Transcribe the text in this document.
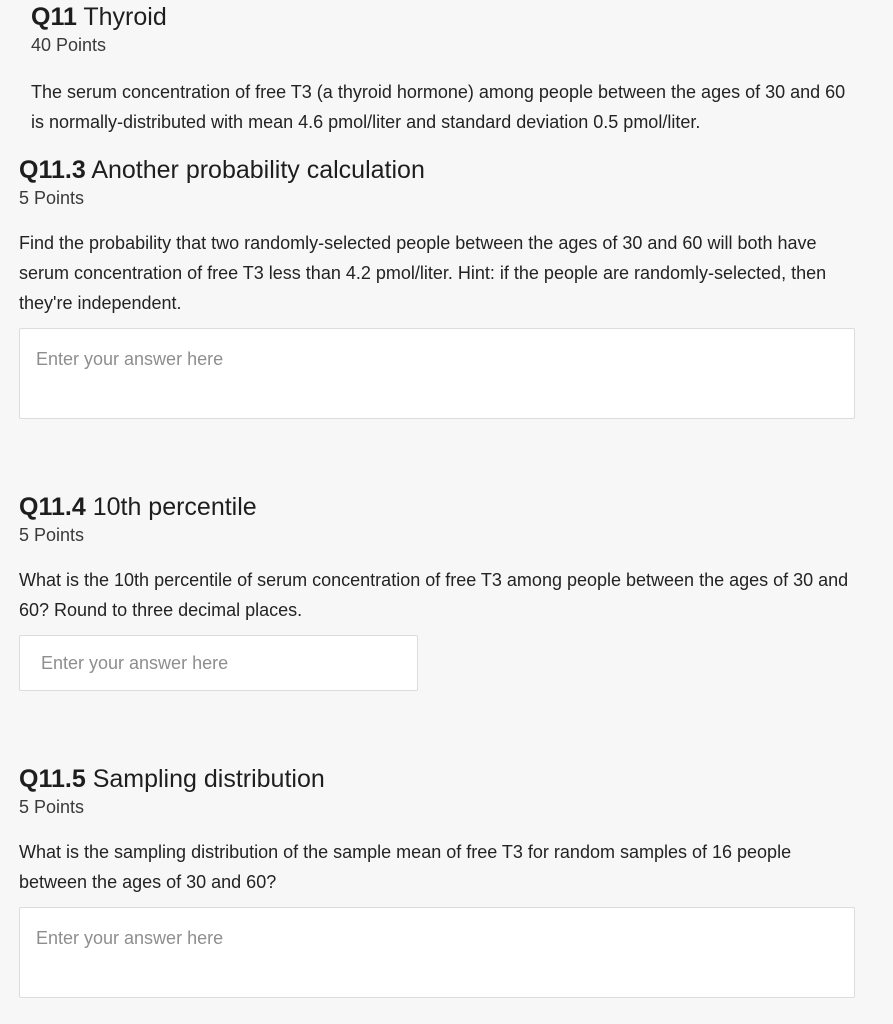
Q11 Thyroid
40 Points
The serum concentration of free T3 (a thyroid hormone) among people between the ages of 30 and 60 is normally-distributed with mean 4.6 pmol/liter and standard deviation 0.5 pmol/liter.
Q11.3 Another probability calculation
5 Points
Find the probability that two randomly-selected people between the ages of 30 and 60 will both have serum concentration of free T3 less than 4.2 pmol/liter. Hint: if the people are randomly-selected, then they're independent.
Enter your answer here
Q11.4 10th percentile
5 Points
What is the 10th percentile of serum concentration of free T3 among people between the ages of 30 and 60? Round to three decimal places.
Enter your answer here
Q11.5 Sampling distribution
5 Points
What is the sampling distribution of the sample mean of free T3 for random samples of 16 people between the ages of 30 and 60?
Enter your answer here
